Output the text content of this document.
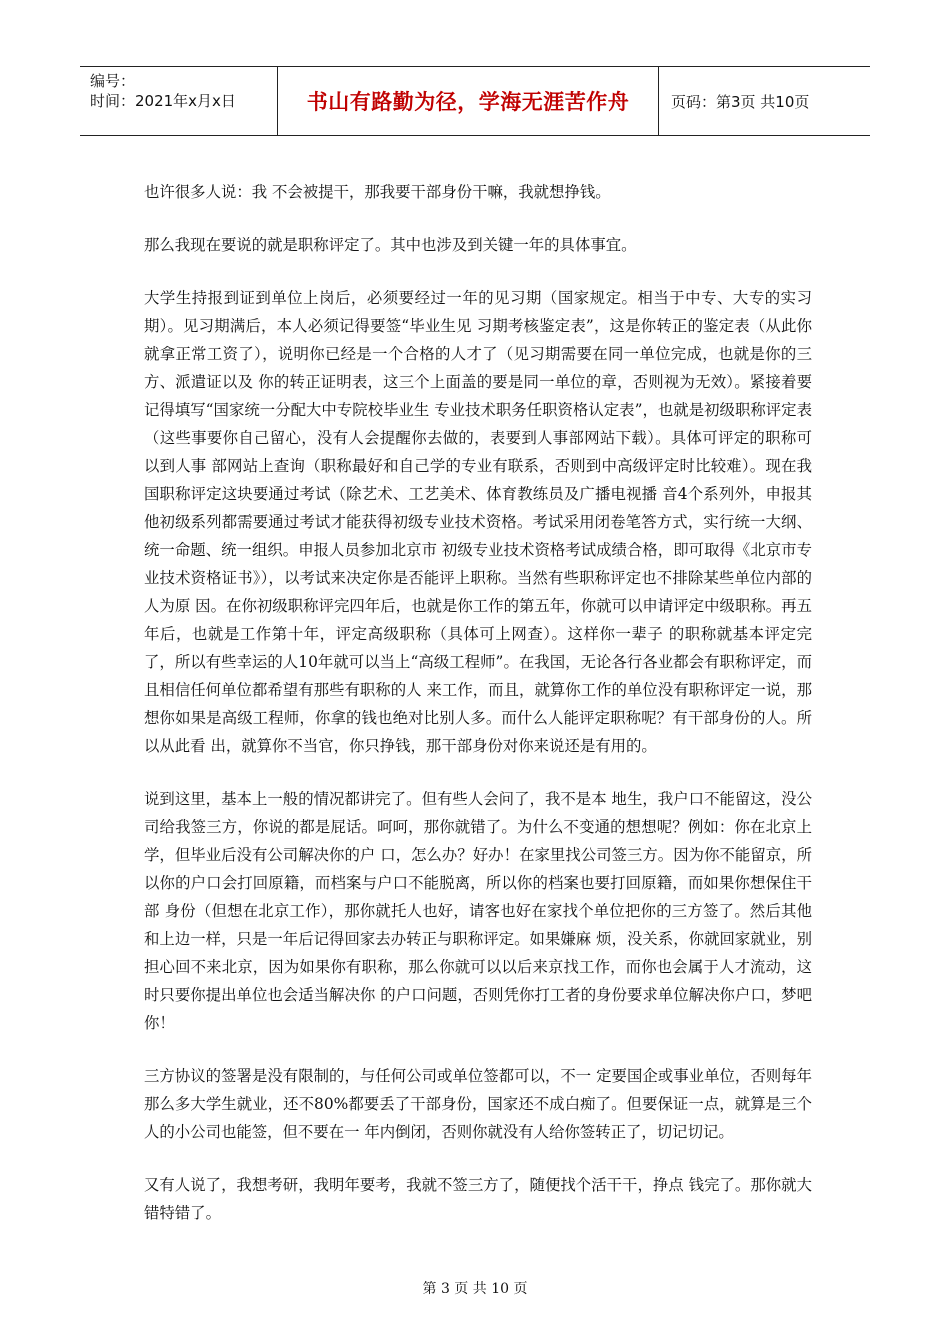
编号：
时间：2021年x月x日	书山有路勤为径，学海无涯苦作舟	页码：第3页 共10页

也许很多人说：我 不会被提干，那我要干部身份干嘛，我就想挣钱。

那么我现在要说的就是职称评定了。其中也涉及到关键一年的具体事宜。

大学生持报到证到单位上岗后，必须要经过一年的见习期（国家规定。相当于中专、大专的实习期）。见习期满后，本人必须记得要签“毕业生见 习期考核鉴定表”，这是你转正的鉴定表（从此你就拿正常工资了），说明你已经是一个合格的人才了（见习期需要在同一单位完成，也就是你的三方、派遣证以及 你的转正证明表，这三个上面盖的要是同一单位的章，否则视为无效）。紧接着要记得填写“国家统一分配大中专院校毕业生 专业技术职务任职资格认定表”，也就是初级职称评定表（这些事要你自己留心，没有人会提醒你去做的，表要到人事部网站下载）。具体可评定的职称可以到人事 部网站上查询（职称最好和自己学的专业有联系，否则到中高级评定时比较难）。现在我国职称评定这块要通过考试（除艺术、工艺美术、体育教练员及广播电视播 音4个系列外，申报其他初级系列都需要通过考试才能获得初级专业技术资格。考试采用闭卷笔答方式，实行统一大纲、统一命题、统一组织。申报人员参加北京市 初级专业技术资格考试成绩合格，即可取得《北京市专业技术资格证书》），以考试来决定你是否能评上职称。当然有些职称评定也不排除某些单位内部的人为原 因。在你初级职称评完四年后，也就是你工作的第五年，你就可以申请评定中级职称。再五年后，也就是工作第十年，评定高级职称（具体可上网查）。这样你一辈子 的职称就基本评定完了，所以有些幸运的人10年就可以当上“高级工程师”。在我国，无论各行各业都会有职称评定，而且相信任何单位都希望有那些有职称的人 来工作，而且，就算你工作的单位没有职称评定一说，那想你如果是高级工程师，你拿的钱也绝对比别人多。而什么人能评定职称呢？有干部身份的人。所以从此看 出，就算你不当官，你只挣钱，那干部身份对你来说还是有用的。

说到这里，基本上一般的情况都讲完了。但有些人会问了，我不是本 地生，我户口不能留这，没公司给我签三方，你说的都是屁话。呵呵，那你就错了。为什么不变通的想想呢？例如：你在北京上学，但毕业后没有公司解决你的户 口，怎么办？好办！在家里找公司签三方。因为你不能留京，所以你的户口会打回原籍，而档案与户口不能脱离，所以你的档案也要打回原籍，而如果你想保住干部 身份（但想在北京工作），那你就托人也好，请客也好在家找个单位把你的三方签了。然后其他和上边一样，只是一年后记得回家去办转正与职称评定。如果嫌麻 烦，没关系，你就回家就业，别担心回不来北京，因为如果你有职称，那么你就可以以后来京找工作，而你也会属于人才流动，这时只要你提出单位也会适当解决你 的户口问题，否则凭你打工者的身份要求单位解决你户口，梦吧你！

三方协议的签署是没有限制的，与任何公司或单位签都可以，不一 定要国企或事业单位，否则每年那么多大学生就业，还不80%都要丢了干部身份，国家还不成白痴了。但要保证一点，就算是三个人的小公司也能签，但不要在一 年内倒闭，否则你就没有人给你签转正了，切记切记。

又有人说了，我想考研，我明年要考，我就不签三方了，随便找个活干干，挣点 钱完了。那你就大错特错了。

第 3 页 共 10 页
